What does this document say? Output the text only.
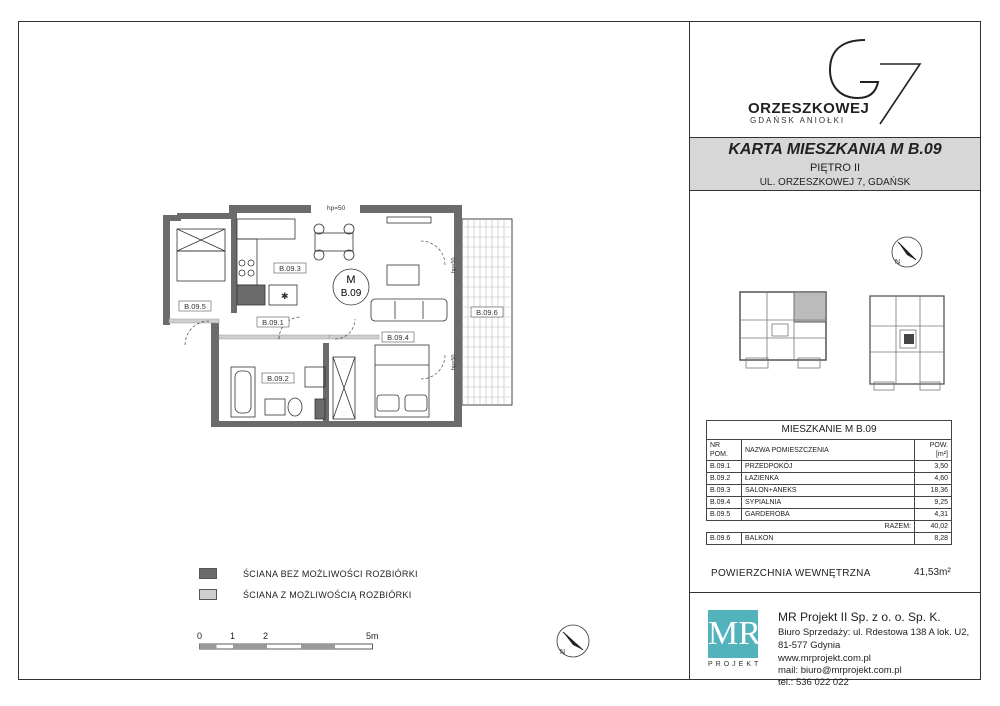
ORZESZKOWEJ
GDAŃSK ANIOŁKI
KARTA MIESZKANIA M B.09
PIĘTRO II
UL. ORZESZKOWEJ 7, GDAŃSK
✱
M
B.09
B.09.3
B.09.1
B.09.2
B.09.4
B.09.5
B.09.6
hp=50
hp=50
hp=50
N
MIESZKANIE M B.09		
NR POM.	NAZWA POMIESZCZENIA	POW. [m²]
B.09.1	PRZEDPOKÓJ	3,50
B.09.2	ŁAZIENKA	4,60
B.09.3	SALON+ANEKS	18,36
B.09.4	SYPIALNIA	9,25
B.09.5	GARDEROBA	4,31
RAZEM:		40,02
B.09.6	BALKON	8,28
POWIERZCHNIA WEWNĘTRZNA	41,53m²
ŚCIANA BEZ MOŻLIWOŚCI ROZBIÓRKI
ŚCIANA Z MOŻLIWOŚCIĄ ROZBIÓRKI
0	1	2	5m
N
MR
PROJEKT
MR Projekt II Sp. z o. o. Sp. K.
Biuro Sprzedaży: ul. Rdestowa 138 A lok. U2,
81-577 Gdynia
www.mrprojekt.com.pl
mail: biuro@mrprojekt.com.pl
tel.: 536 022 022
